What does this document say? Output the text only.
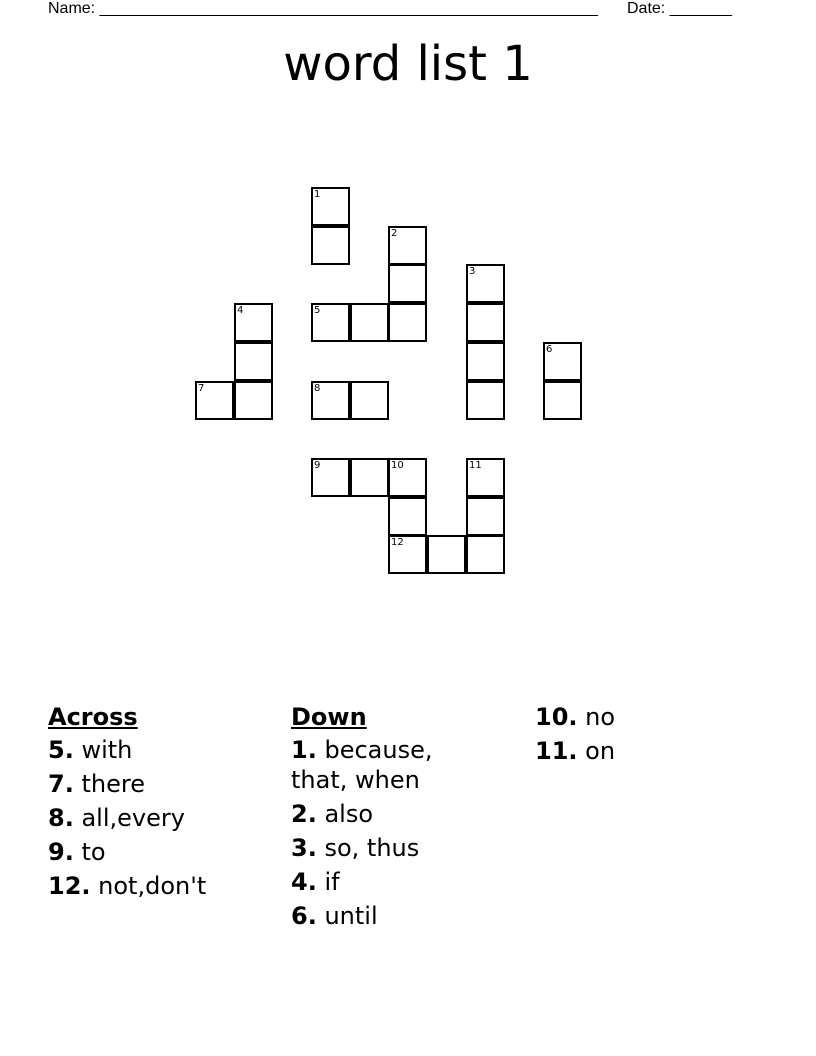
Name: ________________________________________________________ Date: _______
word list 1
1
2
3
4	5
6
7	8
9	10	11
12
Across
5. with
7. there
8. all,every
9. to
12. not,don't
Down
1. because, that, when
2. also
3. so, thus
4. if
6. until
10. no
11. on
